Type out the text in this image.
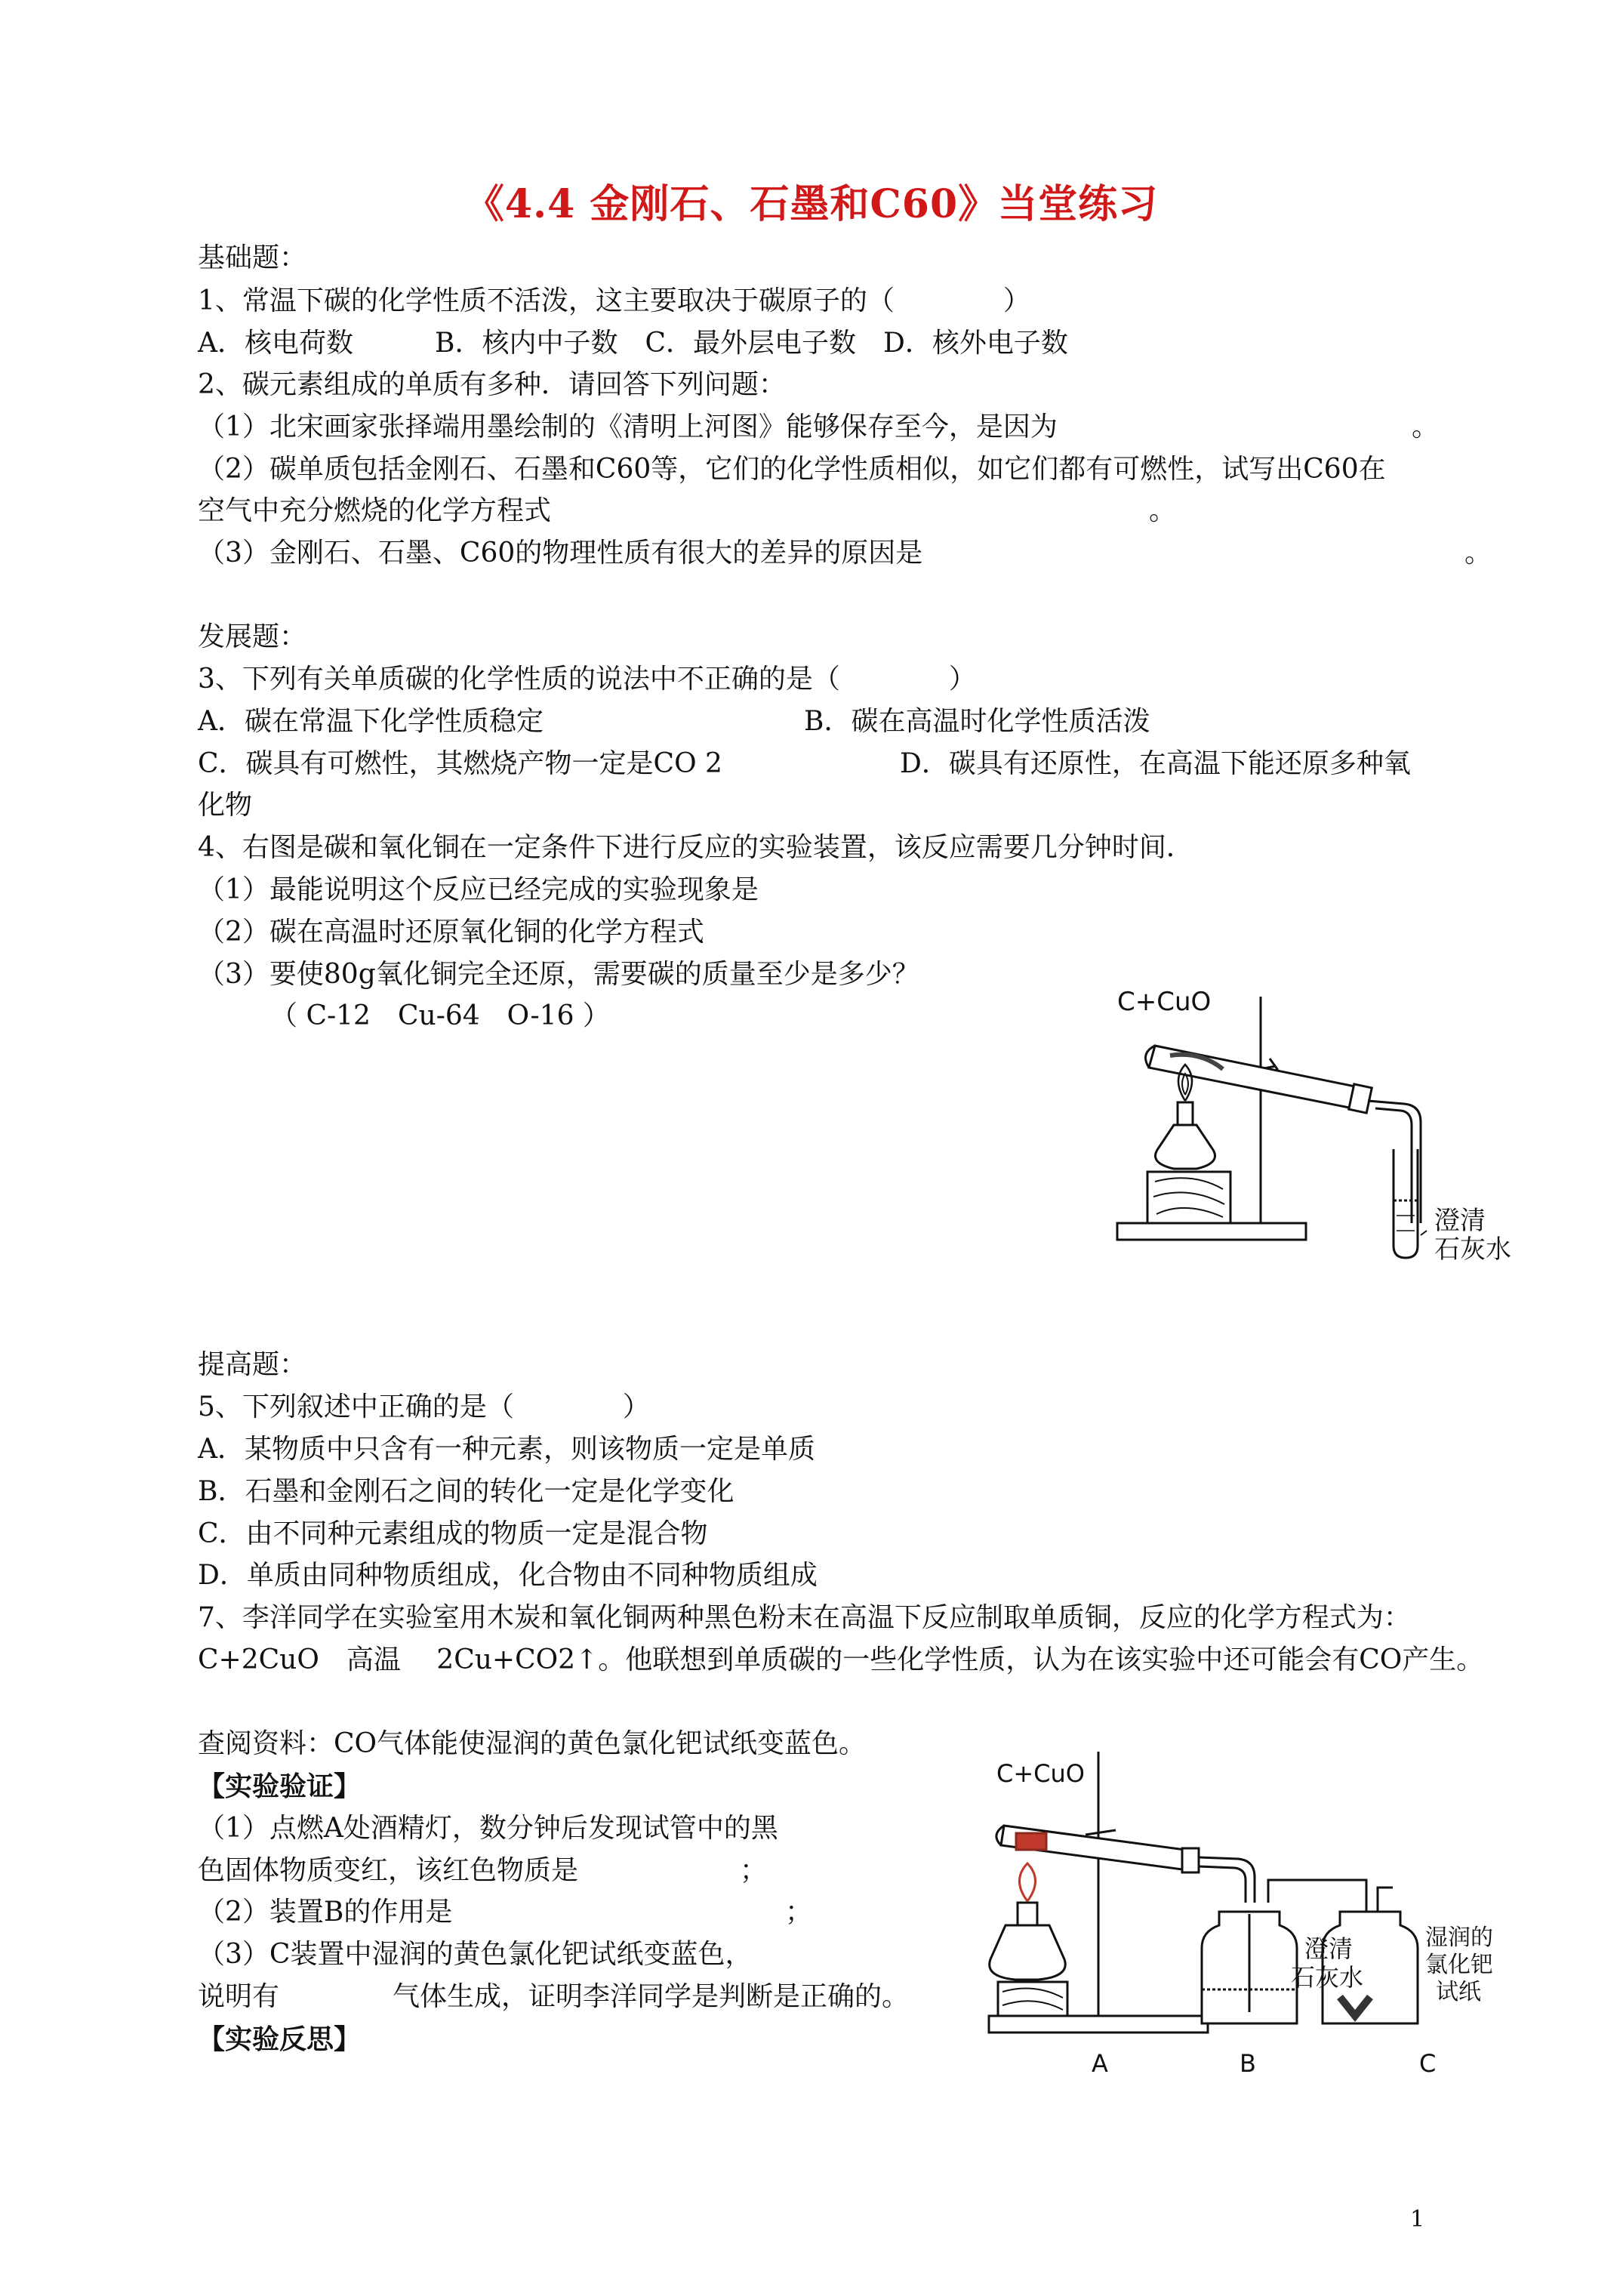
《4.4 金刚石、石墨和C60》当堂练习
基础题：
1、常温下碳的化学性质不活泼，这主要取决于碳原子的（　　　　）
A．核电荷数　　　B．核内中子数　C．最外层电子数　D．核外电子数
2、碳元素组成的单质有多种．请回答下列问题：
（1）北宋画家张择端用墨绘制的《清明上河图》能够保存至今，是因为	。
（2）碳单质包括金刚石、石墨和C60等，它们的化学性质相似，如它们都有可燃性，试写出C60在
空气中充分燃烧的化学方程式	。
（3）金刚石、石墨、C60的物理性质有很大的差异的原因是	。
发展题：
3、下列有关单质碳的化学性质的说法中不正确的是（　　　　）
A．碳在常温下化学性质稳定	B．碳在高温时化学性质活泼
C．碳具有可燃性，其燃烧产物一定是CO 2	D．碳具有还原性，在高温下能还原多种氧
化物
4、右图是碳和氧化铜在一定条件下进行反应的实验装置，该反应需要几分钟时间．
（1）最能说明这个反应已经完成的实验现象是
（2）碳在高温时还原氧化铜的化学方程式
（3）要使80g氧化铜完全还原，需要碳的质量至少是多少？
（ C-12　Cu-64　O-16 ）	C+CuO
澄清
石灰水
提高题：
5、下列叙述中正确的是（　　　　）
A．某物质中只含有一种元素，则该物质一定是单质
B．石墨和金刚石之间的转化一定是化学变化
C．由不同种元素组成的物质一定是混合物
D．单质由同种物质组成，化合物由不同种物质组成
7、李洋同学在实验室用木炭和氧化铜两种黑色粉末在高温下反应制取单质铜，反应的化学方程式为：
C+2CuO　高温　 2Cu+CO2↑。他联想到单质碳的一些化学性质，认为在该实验中还可能会有CO产生。
查阅资料：CO气体能使湿润的黄色氯化钯试纸变蓝色。
【实验验证】
（1）点燃A处酒精灯，数分钟后发现试管中的黑
色固体物质变红，该红色物质是	；
（2）装置B的作用是	；
（3）C装置中湿润的黄色氯化钯试纸变蓝色，
说明有	气体生成，证明李洋同学是判断是正确的。
【实验反思】
C+CuO
澄清
石灰水
湿润的
氯化钯
试纸
A	B	C
1
